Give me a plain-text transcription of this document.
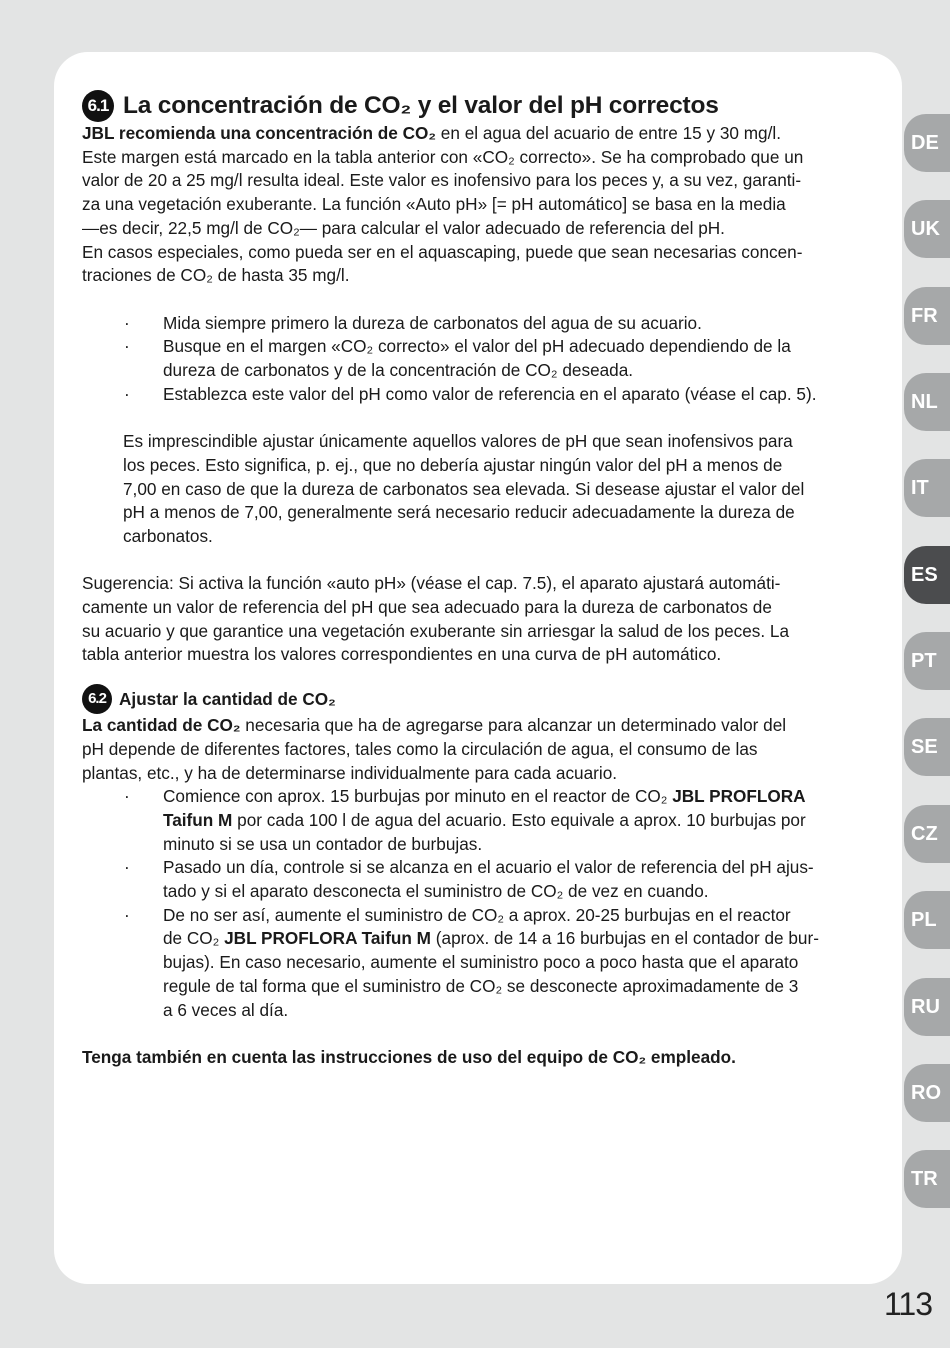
6.1 La concentración de CO₂ y el valor del pH correctos

JBL recomienda una concentración de CO₂ en el agua del acuario de entre 15 y 30 mg/l.

Este margen está marcado en la tabla anterior con «CO₂ correcto». Se ha comprobado que un

valor de 20 a 25 mg/l resulta ideal. Este valor es inofensivo para los peces y, a su vez, garanti-

za una vegetación exuberante. La función «Auto pH» [= pH automático] se basa en la media

—es decir, 22,5 mg/l de CO₂— para calcular el valor adecuado de referencia del pH.

En casos especiales, como pueda ser en el aquascaping, puede que sean necesarias concen-

traciones de CO₂ de hasta 35 mg/l.

· Mida siempre primero la dureza de carbonatos del agua de su acuario.
· Busque en el margen «CO₂ correcto» el valor del pH adecuado dependiendo de la
dureza de carbonatos y de la concentración de CO₂ deseada.
· Establezca este valor del pH como valor de referencia en el aparato (véase el cap. 5).

Es imprescindible ajustar únicamente aquellos valores de pH que sean inofensivos para

los peces. Esto significa, p. ej., que no debería ajustar ningún valor del pH a menos de

7,00 en caso de que la dureza de carbonatos sea elevada. Si desease ajustar el valor del

pH a menos de 7,00, generalmente será necesario reducir adecuadamente la dureza de

carbonatos.

Sugerencia: Si activa la función «auto pH» (véase el cap. 7.5), el aparato ajustará automáti-

camente un valor de referencia del pH que sea adecuado para la dureza de carbonatos de

su acuario y que garantice una vegetación exuberante sin arriesgar la salud de los peces. La

tabla anterior muestra los valores correspondientes en una curva de pH automático.

6.2 Ajustar la cantidad de CO₂

La cantidad de CO₂ necesaria que ha de agregarse para alcanzar un determinado valor del

pH depende de diferentes factores, tales como la circulación de agua, el consumo de las

plantas, etc., y ha de determinarse individualmente para cada acuario.

· Comience con aprox. 15 burbujas por minuto en el reactor de CO₂ JBL PROFLORA
Taifun M por cada 100 l de agua del acuario. Esto equivale a aprox. 10 burbujas por
minuto si se usa un contador de burbujas.
· Pasado un día, controle si se alcanza en el acuario el valor de referencia del pH ajus-
tado y si el aparato desconecta el suministro de CO₂ de vez en cuando.
· De no ser así, aumente el suministro de CO₂ a aprox. 20-25 burbujas en el reactor
de CO₂ JBL PROFLORA Taifun M (aprox. de 14 a 16 burbujas en el contador de bur-
bujas). En caso necesario, aumente el suministro poco a poco hasta que el aparato
regule de tal forma que el suministro de CO₂ se desconecte aproximadamente de 3
a 6 veces al día.

Tenga también en cuenta las instrucciones de uso del equipo de CO₂ empleado.

DE
UK
FR
NL
IT
ES
PT
SE
CZ
PL
RU
RO
TR
113
